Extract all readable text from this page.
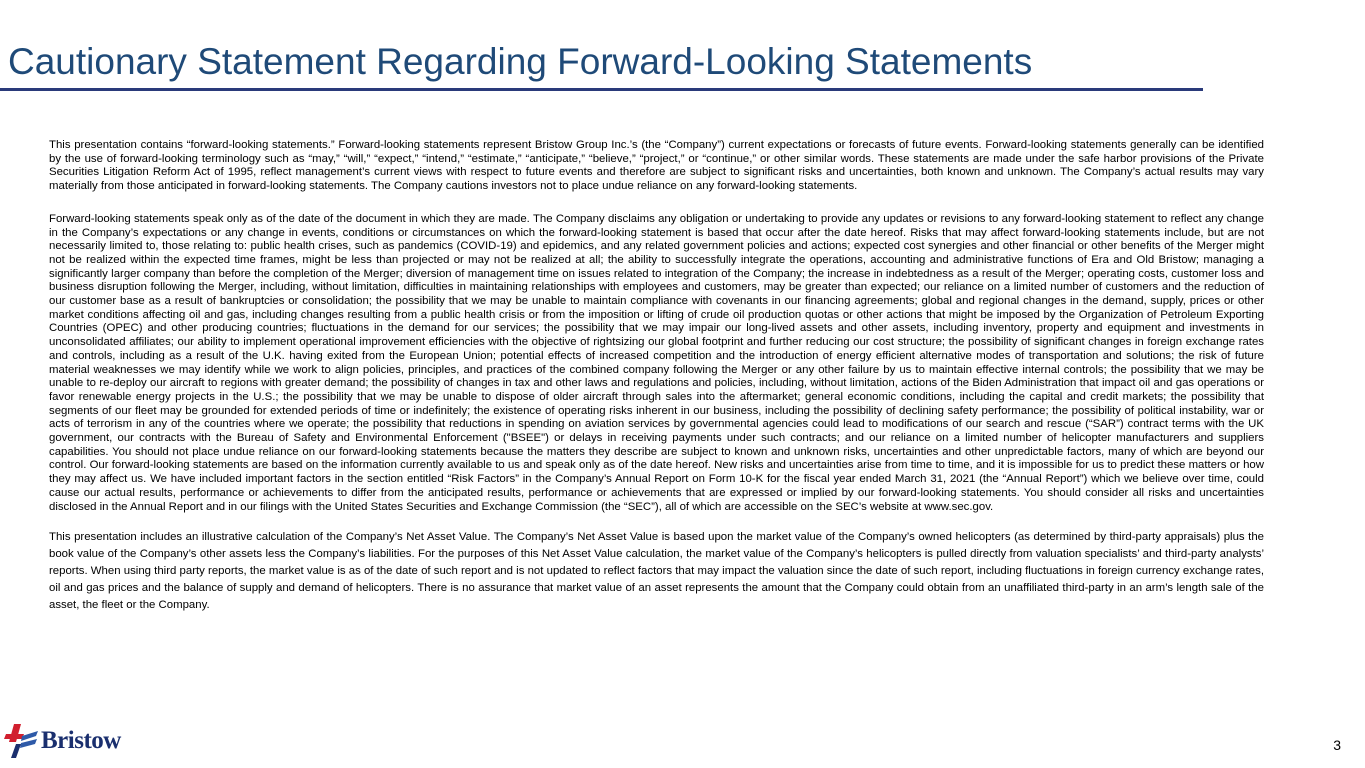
Cautionary Statement Regarding Forward-Looking Statements

This presentation contains “forward-looking statements.” Forward-looking statements represent Bristow Group Inc.’s (the “Company”) current expectations or forecasts of future events. Forward-looking statements generally can be identified by the use of forward-looking terminology such as “may,” “will,” “expect,” “intend,” “estimate,” “anticipate,” “believe,” “project,” or “continue,” or other similar words. These statements are made under the safe harbor provisions of the Private Securities Litigation Reform Act of 1995, reflect management’s current views with respect to future events and therefore are subject to significant risks and uncertainties, both known and unknown. The Company’s actual results may vary materially from those anticipated in forward-looking statements. The Company cautions investors not to place undue reliance on any forward-looking statements.

Forward-looking statements speak only as of the date of the document in which they are made. The Company disclaims any obligation or undertaking to provide any updates or revisions to any forward-looking statement to reflect any change in the Company’s expectations or any change in events, conditions or circumstances on which the forward-looking statement is based that occur after the date hereof. Risks that may affect forward-looking statements include, but are not necessarily limited to, those relating to: public health crises, such as pandemics (COVID-19) and epidemics, and any related government policies and actions; expected cost synergies and other financial or other benefits of the Merger might not be realized within the expected time frames, might be less than projected or may not be realized at all; the ability to successfully integrate the operations, accounting and administrative functions of Era and Old Bristow; managing a significantly larger company than before the completion of the Merger; diversion of management time on issues related to integration of the Company; the increase in indebtedness as a result of the Merger; operating costs, customer loss and business disruption following the Merger, including, without limitation, difficulties in maintaining relationships with employees and customers, may be greater than expected; our reliance on a limited number of customers and the reduction of our customer base as a result of bankruptcies or consolidation; the possibility that we may be unable to maintain compliance with covenants in our financing agreements; global and regional changes in the demand, supply, prices or other market conditions affecting oil and gas, including changes resulting from a public health crisis or from the imposition or lifting of crude oil production quotas or other actions that might be imposed by the Organization of Petroleum Exporting Countries (OPEC) and other producing countries; fluctuations in the demand for our services; the possibility that we may impair our long-lived assets and other assets, including inventory, property and equipment and investments in unconsolidated affiliates; our ability to implement operational improvement efficiencies with the objective of rightsizing our global footprint and further reducing our cost structure; the possibility of significant changes in foreign exchange rates and controls, including as a result of the U.K. having exited from the European Union; potential effects of increased competition and the introduction of energy efficient alternative modes of transportation and solutions; the risk of future material weaknesses we may identify while we work to align policies, principles, and practices of the combined company following the Merger or any other failure by us to maintain effective internal controls; the possibility that we may be unable to re-deploy our aircraft to regions with greater demand; the possibility of changes in tax and other laws and regulations and policies, including, without limitation, actions of the Biden Administration that impact oil and gas operations or favor renewable energy projects in the U.S.; the possibility that we may be unable to dispose of older aircraft through sales into the aftermarket; general economic conditions, including the capital and credit markets; the possibility that segments of our fleet may be grounded for extended periods of time or indefinitely; the existence of operating risks inherent in our business, including the possibility of declining safety performance; the possibility of political instability, war or acts of terrorism in any of the countries where we operate; the possibility that reductions in spending on aviation services by governmental agencies could lead to modifications of our search and rescue (“SAR”) contract terms with the UK government, our contracts with the Bureau of Safety and Environmental Enforcement ("BSEE") or delays in receiving payments under such contracts; and our reliance on a limited number of helicopter manufacturers and suppliers capabilities. You should not place undue reliance on our forward-looking statements because the matters they describe are subject to known and unknown risks, uncertainties and other unpredictable factors, many of which are beyond our control. Our forward-looking statements are based on the information currently available to us and speak only as of the date hereof. New risks and uncertainties arise from time to time, and it is impossible for us to predict these matters or how they may affect us. We have included important factors in the section entitled “Risk Factors” in the Company’s Annual Report on Form 10-K for the fiscal year ended March 31, 2021 (the “Annual Report”) which we believe over time, could cause our actual results, performance or achievements to differ from the anticipated results, performance or achievements that are expressed or implied by our forward-looking statements. You should consider all risks and uncertainties disclosed in the Annual Report and in our filings with the United States Securities and Exchange Commission (the “SEC”), all of which are accessible on the SEC’s website at www.sec.gov.

This presentation includes an illustrative calculation of the Company’s Net Asset Value. The Company’s Net Asset Value is based upon the market value of the Company’s owned helicopters (as determined by third-party appraisals) plus the book value of the Company’s other assets less the Company’s liabilities. For the purposes of this Net Asset Value calculation, the market value of the Company’s helicopters is pulled directly from valuation specialists’ and third-party analysts’ reports. When using third party reports, the market value is as of the date of such report and is not updated to reflect factors that may impact the valuation since the date of such report, including fluctuations in foreign currency exchange rates, oil and gas prices and the balance of supply and demand of helicopters. There is no assurance that market value of an asset represents the amount that the Company could obtain from an unaffiliated third-party in an arm’s length sale of the asset, the fleet or the Company.

Bristow	3
